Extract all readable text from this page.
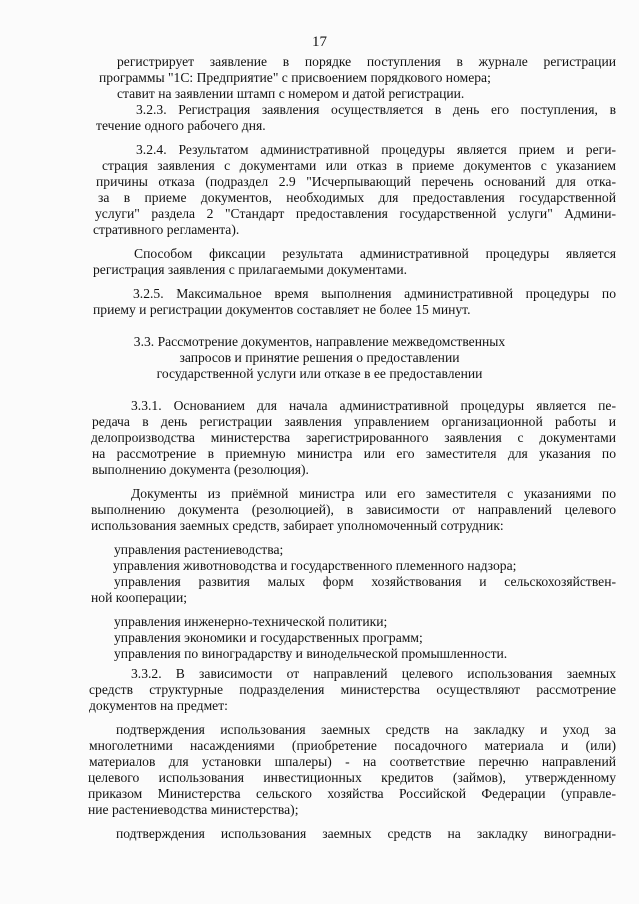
17
регистрирует заявление в порядке поступления в журнале регистрации
программы "1С: Предприятие" с присвоением порядкового номера;
ставит на заявлении штамп с номером и датой регистрации.
3.2.3. Регистрация заявления осуществляется в день его поступления, в
течение одного рабочего дня.
3.2.4. Результатом административной процедуры является прием и реги-
страция заявления с документами или отказ в приеме документов с указанием
причины отказа (подраздел 2.9 "Исчерпывающий перечень оснований для отка-
за в приеме документов, необходимых для предоставления государственной
услуги" раздела 2 "Стандарт предоставления государственной услуги" Админи-
стративного регламента).
Способом фиксации результата административной процедуры является
регистрация заявления с прилагаемыми документами.
3.2.5. Максимальное время выполнения административной процедуры по
приему и регистрации документов составляет не более 15 минут.
3.3. Рассмотрение документов, направление межведомственных
запросов и принятие решения о предоставлении
государственной услуги или отказе в ее предоставлении
3.3.1. Основанием для начала административной процедуры является пе-
редача в день регистрации заявления управлением организационной работы и
делопроизводства министерства зарегистрированного заявления с документами
на рассмотрение в приемную министра или его заместителя для указания по
выполнению документа (резолюция).
Документы из приёмной министра или его заместителя с указаниями по
выполнению документа (резолюцией), в зависимости от направлений целевого
использования заемных средств, забирает уполномоченный сотрудник:
управления растениеводства;
управления животноводства и государственного племенного надзора;
управления развития малых форм хозяйствования и сельскохозяйствен-
ной кооперации;
управления инженерно-технической политики;
управления экономики и государственных программ;
управления по виноградарству и винодельческой промышленности.
3.3.2. В зависимости от направлений целевого использования заемных
средств структурные подразделения министерства осуществляют рассмотрение
документов на предмет:
подтверждения использования заемных средств на закладку и уход за
многолетними насаждениями (приобретение посадочного материала и (или)
материалов для установки шпалеры) - на соответствие перечню направлений
целевого использования инвестиционных кредитов (займов), утвержденному
приказом Министерства сельского хозяйства Российской Федерации (управле-
ние растениеводства министерства);
подтверждения использования заемных средств на закладку виноградни-
